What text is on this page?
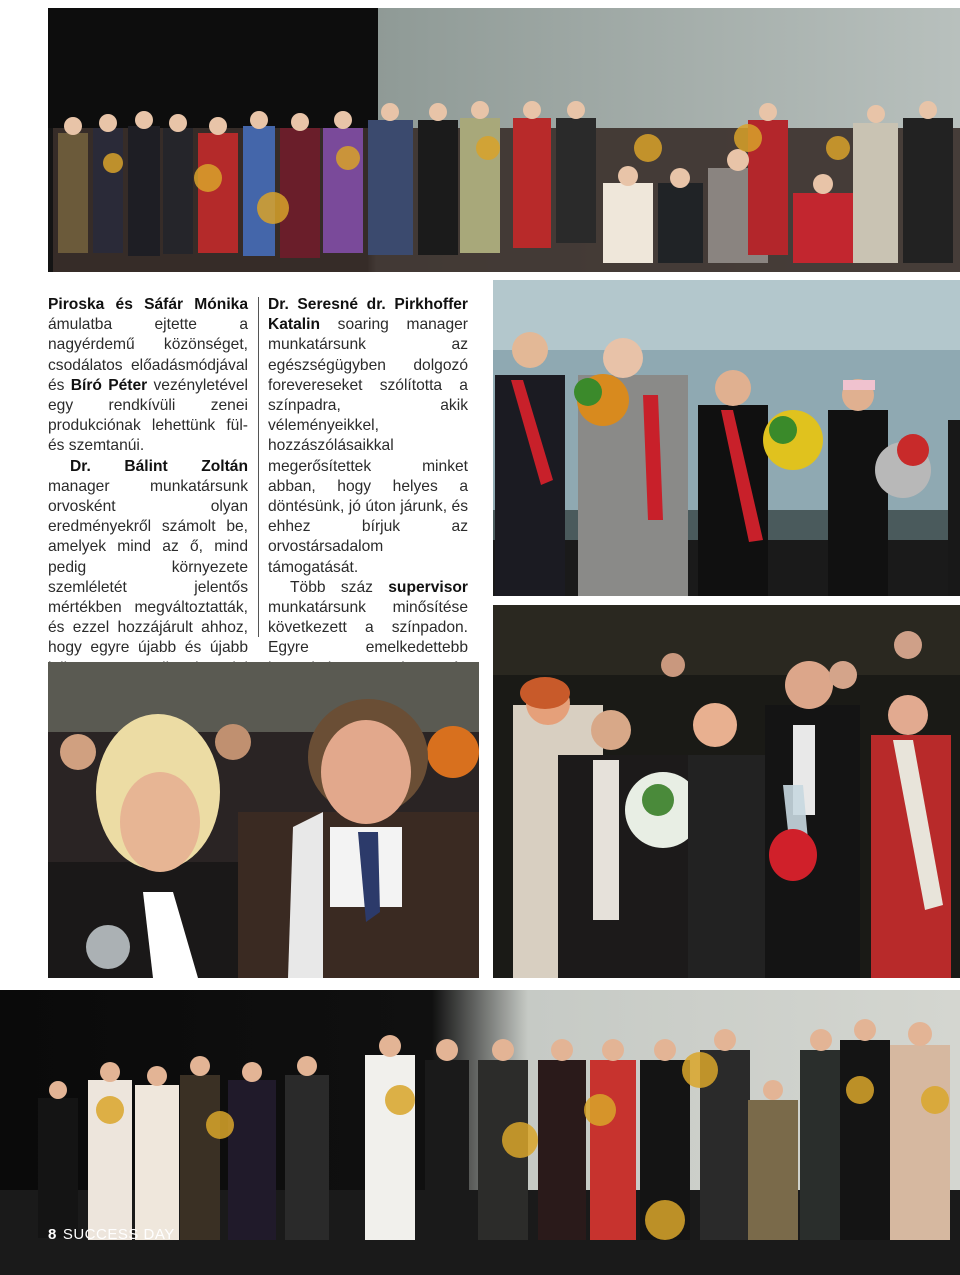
Piroska és Sáfár Mónika ámulatba ejtette a nagyérdemű közönséget, csodálatos előadásmódjával és Bíró Péter vezényletével egy rendkívüli zenei produkciónak lehettünk fül- és szemtanúi.

Dr. Bálint Zoltán manager munkatársunk orvosként olyan eredményekről számolt be, amelyek mind az ő, mind pedig környezete szemléletét jelentős mértékben megváltoztatták, és ezzel hozzájárult ahhoz, hogy egyre újabb és újabb

Dr. Seresné dr. Pirkhoffer Katalin soaring manager munkatársunk az egészségügyben dolgozó forevereseket szólította a színpadra, akik véleményeikkel, hozzászólásaikkal megerősítettek minket abban, hogy helyes a döntésünk, jó úton járunk, és ehhez bírjuk az orvostársadalom támogatását.

Több száz supervisor munkatársunk minősítése következett a színpadon. Egyre emelkedettebb

8 SUCCESS DAY
